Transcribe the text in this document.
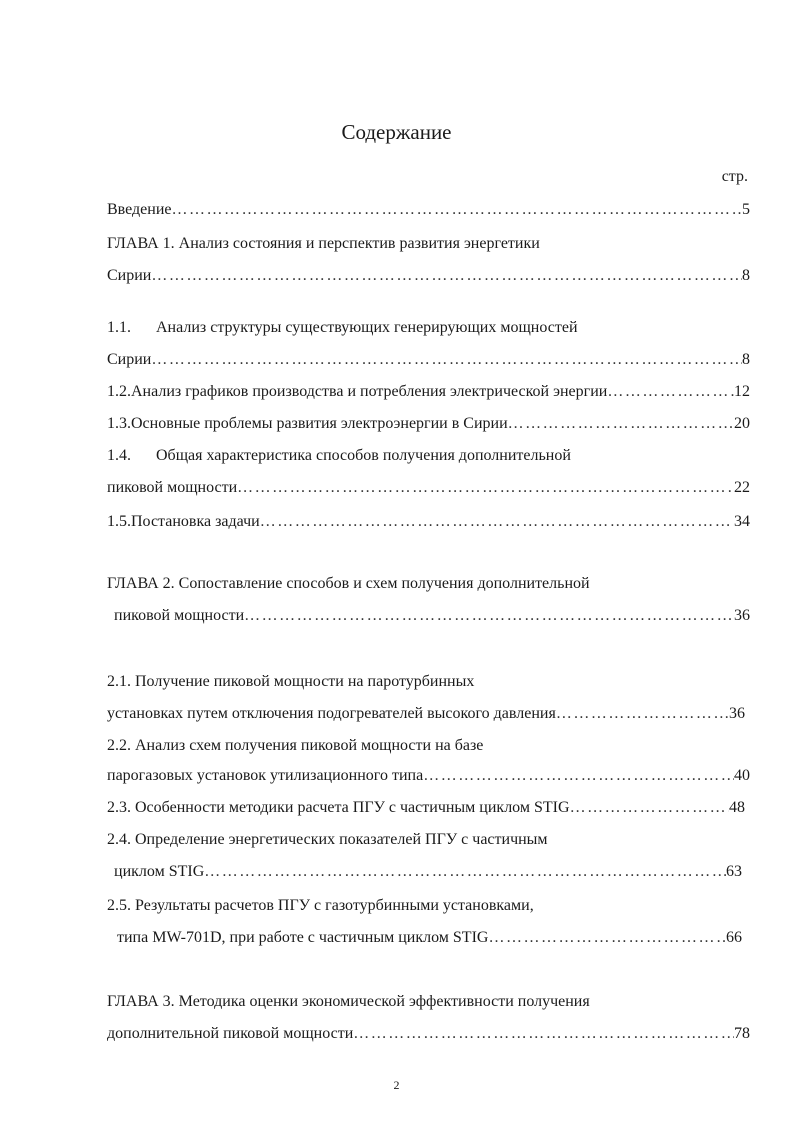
Содержание
стр.
Введение ……………………………………………………………………………………………………………………………………………………………………………………	5
ГЛАВА 1. Анализ состояния и перспектив развития энергетики
Сирии ……………………………………………………………………………………………………………………………………………………………………………………	8
1.1. Анализ структуры существующих генерирующих мощностей
Сирии ……………………………………………………………………………………………………………………………………………………………………………………	8
1.2. Анализ графиков производства и потребления электрической энергии ……………………………………………………………………………………………………………………………………………………………………………………	12
1.3. Основные проблемы развития электроэнергии в Сирии ……………………………………………………………………………………………………………………………………………………………………………………	20
1.4. Общая характеристика способов получения дополнительной
пиковой мощности ……………………………………………………………………………………………………………………………………………………………………………………	22
1.5. Постановка задачи ……………………………………………………………………………………………………………………………………………………………………………………	34
ГЛАВА 2. Сопоставление способов и схем получения дополнительной
пиковой мощности ……………………………………………………………………………………………………………………………………………………………………………………	36
2.1. Получение пиковой мощности на паротурбинных
установках путем отключения подогревателей высокого давления ……………………………………………………………………………………………………………………………………………………………………………………	36
2.2. Анализ схем получения пиковой мощности на базе
парогазовых установок утилизационного типа ……………………………………………………………………………………………………………………………………………………………………………………	40
2.3. Особенности методики расчета ПГУ с частичным циклом STIG ……………………………………………………………………………………………………………………………………………………………………………………	48
2.4. Определение энергетических показателей ПГУ с частичным
циклом STIG ……………………………………………………………………………………………………………………………………………………………………………………	63
2.5. Результаты расчетов ПГУ с газотурбинными установками,
типа MW-701D, при работе с частичным циклом STIG ……………………………………………………………………………………………………………………………………………………………………………………	66
ГЛАВА 3. Методика оценки экономической эффективности получения
дополнительной пиковой мощности ……………………………………………………………………………………………………………………………………………………………………………………	78
2
